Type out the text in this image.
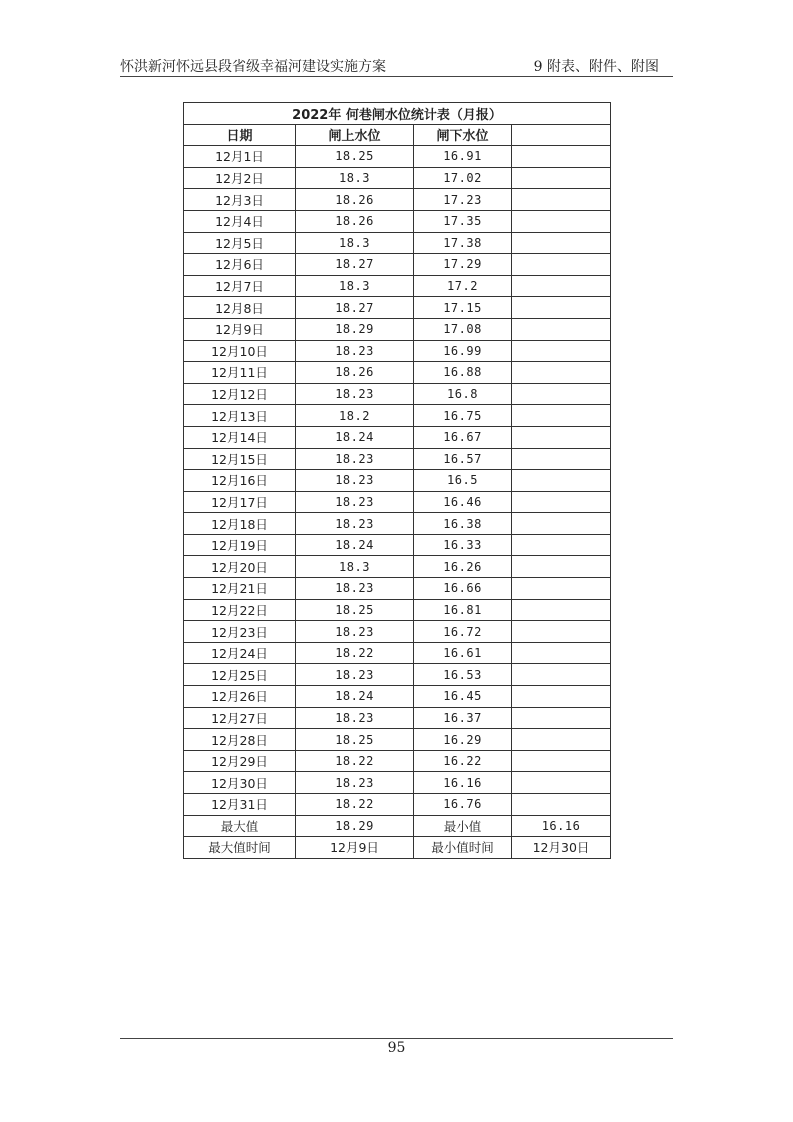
怀洪新河怀远县段省级幸福河建设实施方案	9 附表、附件、附图
2022年 何巷闸水位统计表（月报）			
日期	闸上水位	闸下水位	
12月1日	18.25	16.91	
12月2日	18.3	17.02	
12月3日	18.26	17.23	
12月4日	18.26	17.35	
12月5日	18.3	17.38	
12月6日	18.27	17.29	
12月7日	18.3	17.2	
12月8日	18.27	17.15	
12月9日	18.29	17.08	
12月10日	18.23	16.99	
12月11日	18.26	16.88	
12月12日	18.23	16.8	
12月13日	18.2	16.75	
12月14日	18.24	16.67	
12月15日	18.23	16.57	
12月16日	18.23	16.5	
12月17日	18.23	16.46	
12月18日	18.23	16.38	
12月19日	18.24	16.33	
12月20日	18.3	16.26	
12月21日	18.23	16.66	
12月22日	18.25	16.81	
12月23日	18.23	16.72	
12月24日	18.22	16.61	
12月25日	18.23	16.53	
12月26日	18.24	16.45	
12月27日	18.23	16.37	
12月28日	18.25	16.29	
12月29日	18.22	16.22	
12月30日	18.23	16.16	
12月31日	18.22	16.76	
最大值	18.29	最小值	16.16
最大值时间	12月9日	最小值时间	12月30日
95
